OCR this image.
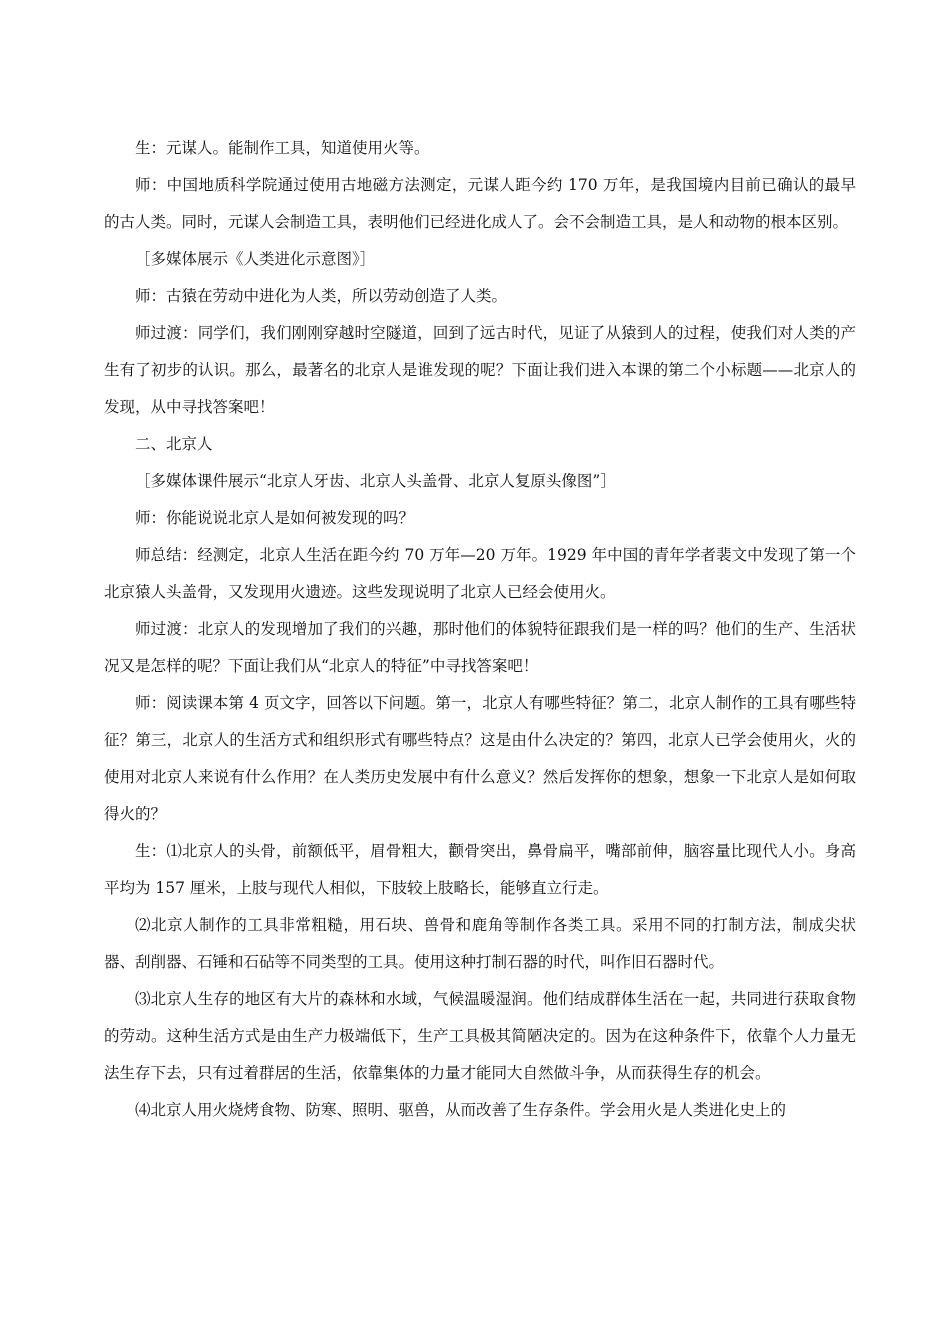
生：元谋人。能制作工具，知道使用火等。

师：中国地质科学院通过使用古地磁方法测定，元谋人距今约 170 万年，是我国境内目前已确认的最早的古人类。同时，元谋人会制造工具，表明他们已经进化成人了。会不会制造工具，是人和动物的根本区别。

［多媒体展示《人类进化示意图》］

师：古猿在劳动中进化为人类，所以劳动创造了人类。

师过渡：同学们，我们刚刚穿越时空隧道，回到了远古时代，见证了从猿到人的过程，使我们对人类的产生有了初步的认识。那么，最著名的北京人是谁发现的呢？下面让我们进入本课的第二个小标题——北京人的发现，从中寻找答案吧！

二、北京人

［多媒体课件展示“北京人牙齿、北京人头盖骨、北京人复原头像图”］

师：你能说说北京人是如何被发现的吗？

师总结：经测定，北京人生活在距今约 70 万年—20 万年。1929 年中国的青年学者裴文中发现了第一个北京猿人头盖骨，又发现用火遗迹。这些发现说明了北京人已经会使用火。

师过渡：北京人的发现增加了我们的兴趣，那时他们的体貌特征跟我们是一样的吗？他们的生产、生活状况又是怎样的呢？下面让我们从“北京人的特征”中寻找答案吧！

师：阅读课本第 4 页文字，回答以下问题。第一，北京人有哪些特征？第二，北京人制作的工具有哪些特征？第三，北京人的生活方式和组织形式有哪些特点？这是由什么决定的？第四，北京人已学会使用火，火的使用对北京人来说有什么作用？在人类历史发展中有什么意义？然后发挥你的想象，想象一下北京人是如何取得火的？

生：⑴北京人的头骨，前额低平，眉骨粗大，颧骨突出，鼻骨扁平，嘴部前伸，脑容量比现代人小。身高平均为 157 厘米，上肢与现代人相似，下肢较上肢略长，能够直立行走。

⑵北京人制作的工具非常粗糙，用石块、兽骨和鹿角等制作各类工具。采用不同的打制方法，制成尖状器、刮削器、石锤和石砧等不同类型的工具。使用这种打制石器的时代，叫作旧石器时代。

⑶北京人生存的地区有大片的森林和水域，气候温暖湿润。他们结成群体生活在一起，共同进行获取食物的劳动。这种生活方式是由生产力极端低下，生产工具极其简陋决定的。因为在这种条件下，依靠个人力量无法生存下去，只有过着群居的生活，依靠集体的力量才能同大自然做斗争，从而获得生存的机会。

⑷北京人用火烧烤食物、防寒、照明、驱兽，从而改善了生存条件。学会用火是人类进化史上的
